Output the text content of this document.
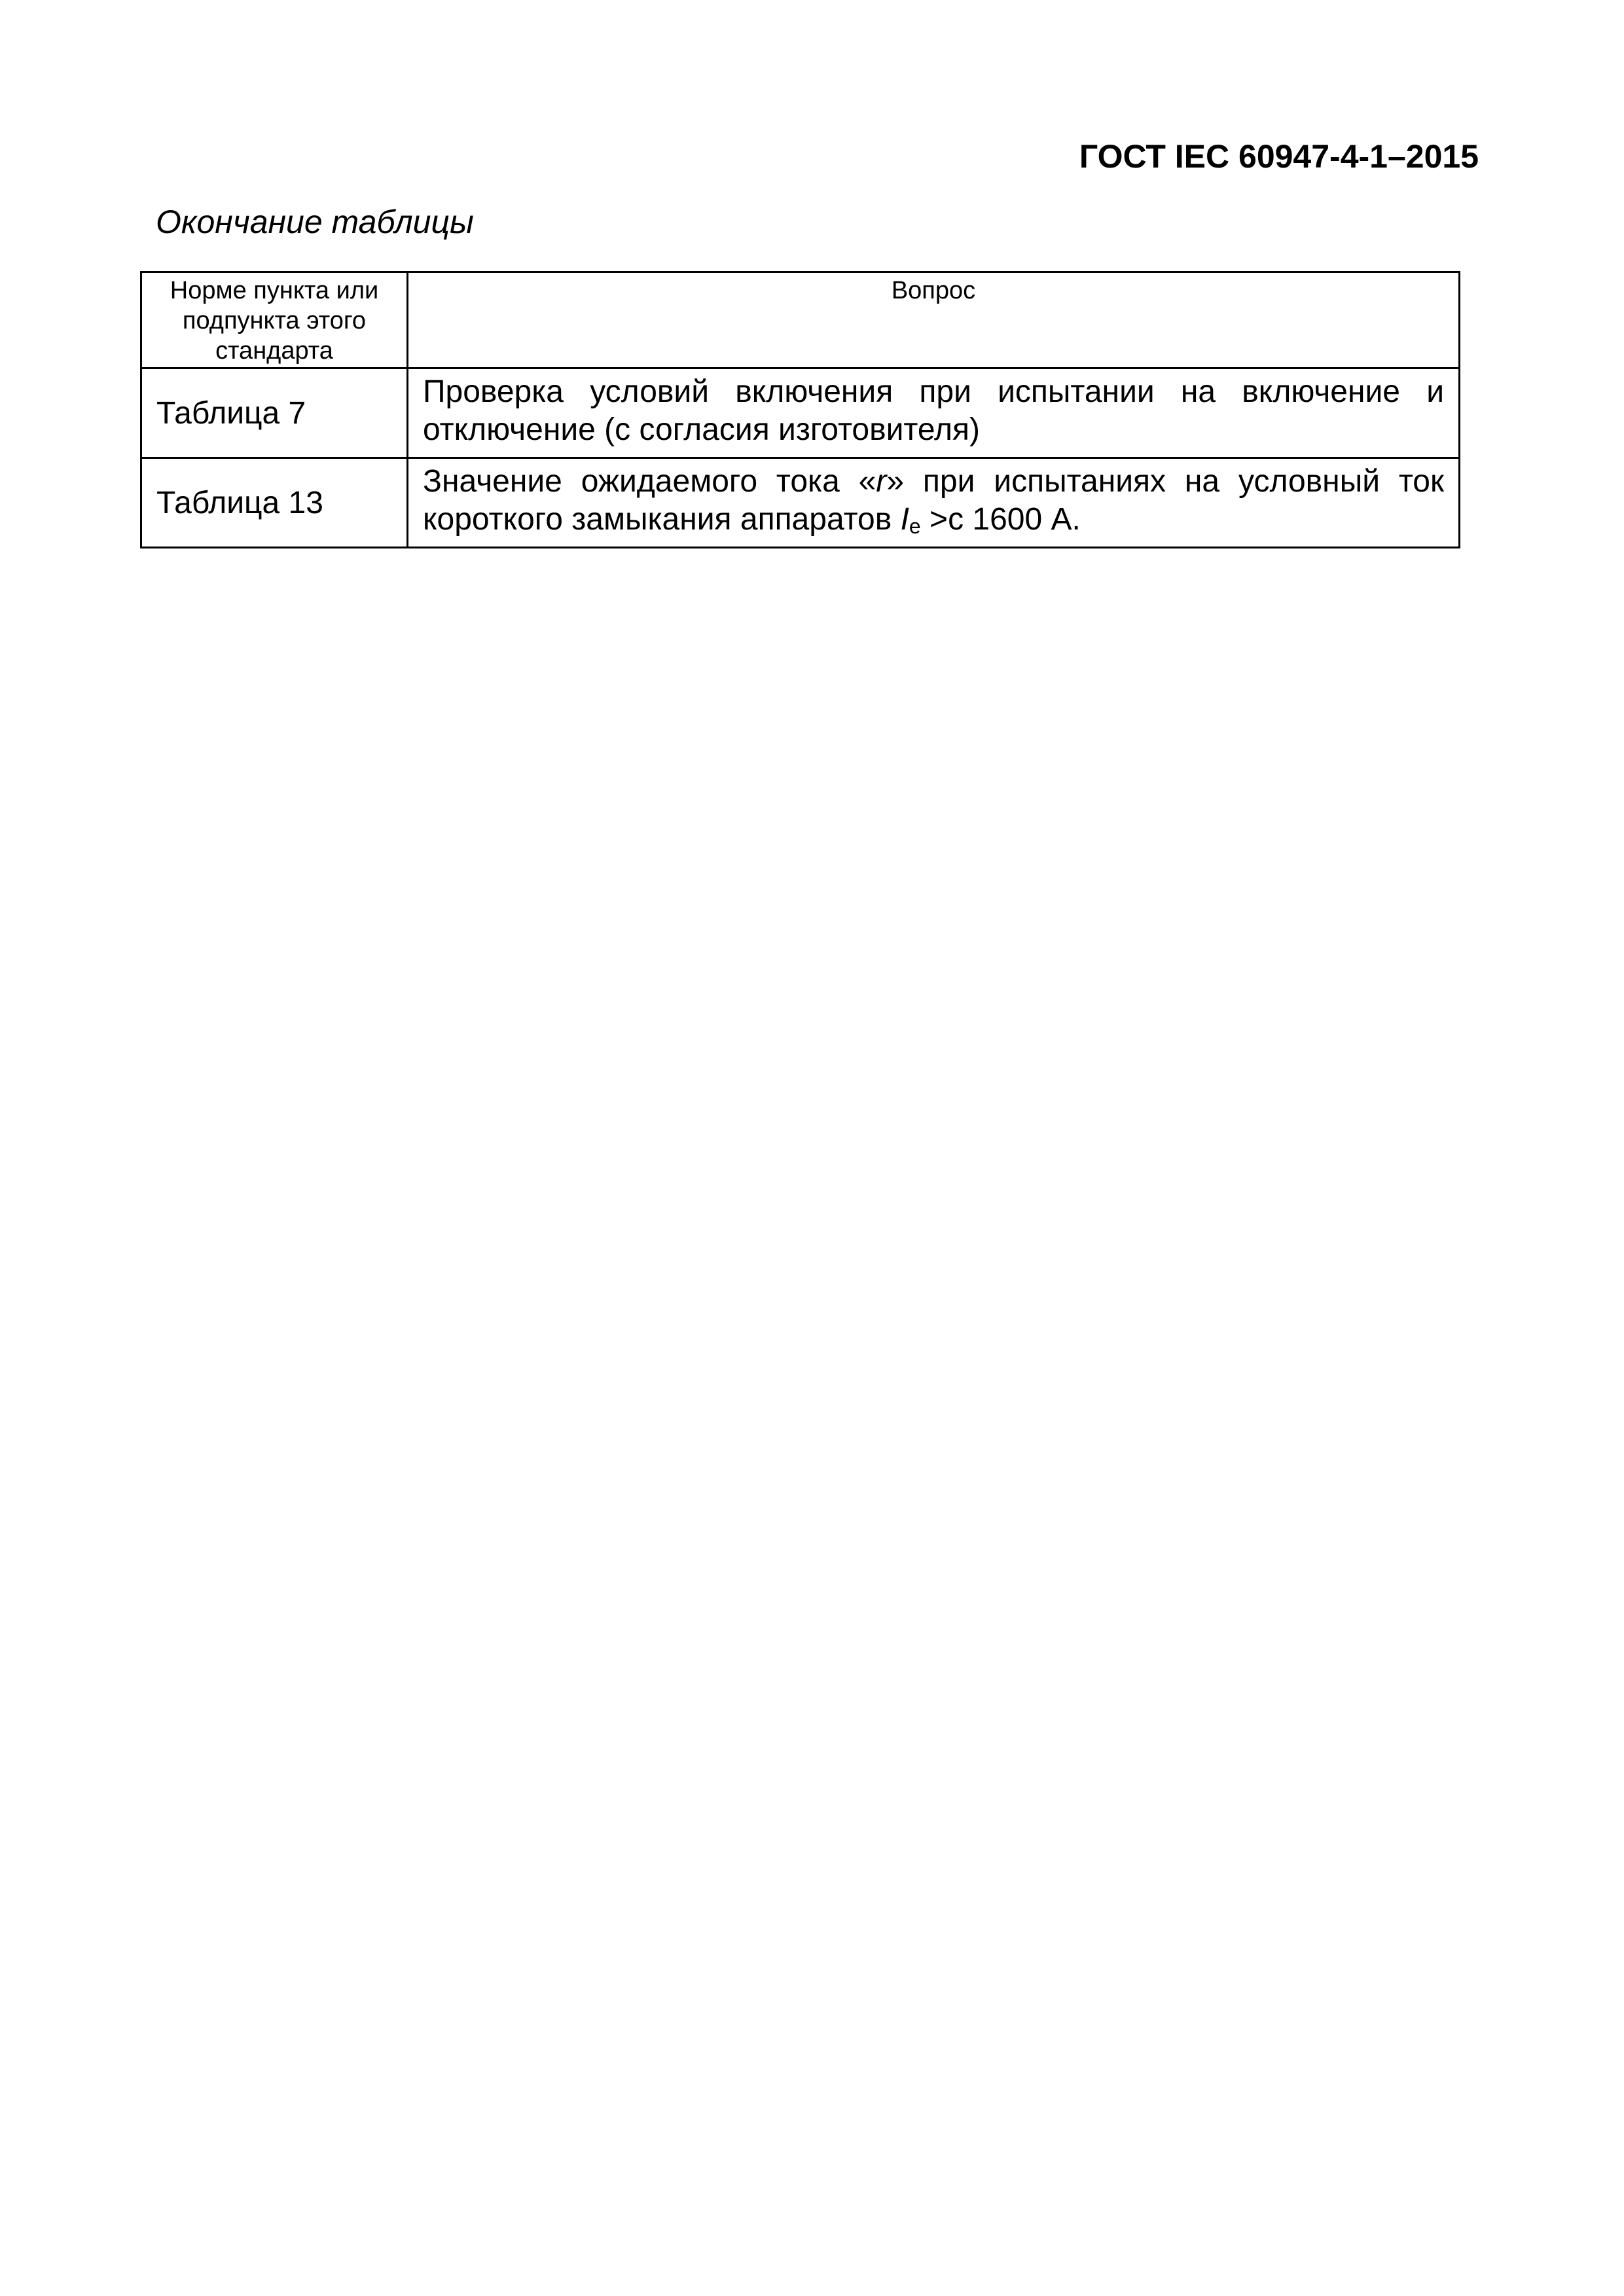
ГОСТ IEC 60947-4-1–2015
Окончание таблицы
Норме пункта или подпункта этого стандарта	Вопрос

Таблица 7	Проверка условий включения при испытании на включение и отключение (с согласия изготовителя)

Таблица 13	Значение ожидаемого тока «r» при испытаниях на условный ток короткого замыкания аппаратов $I_e >с$ 1600 А.
